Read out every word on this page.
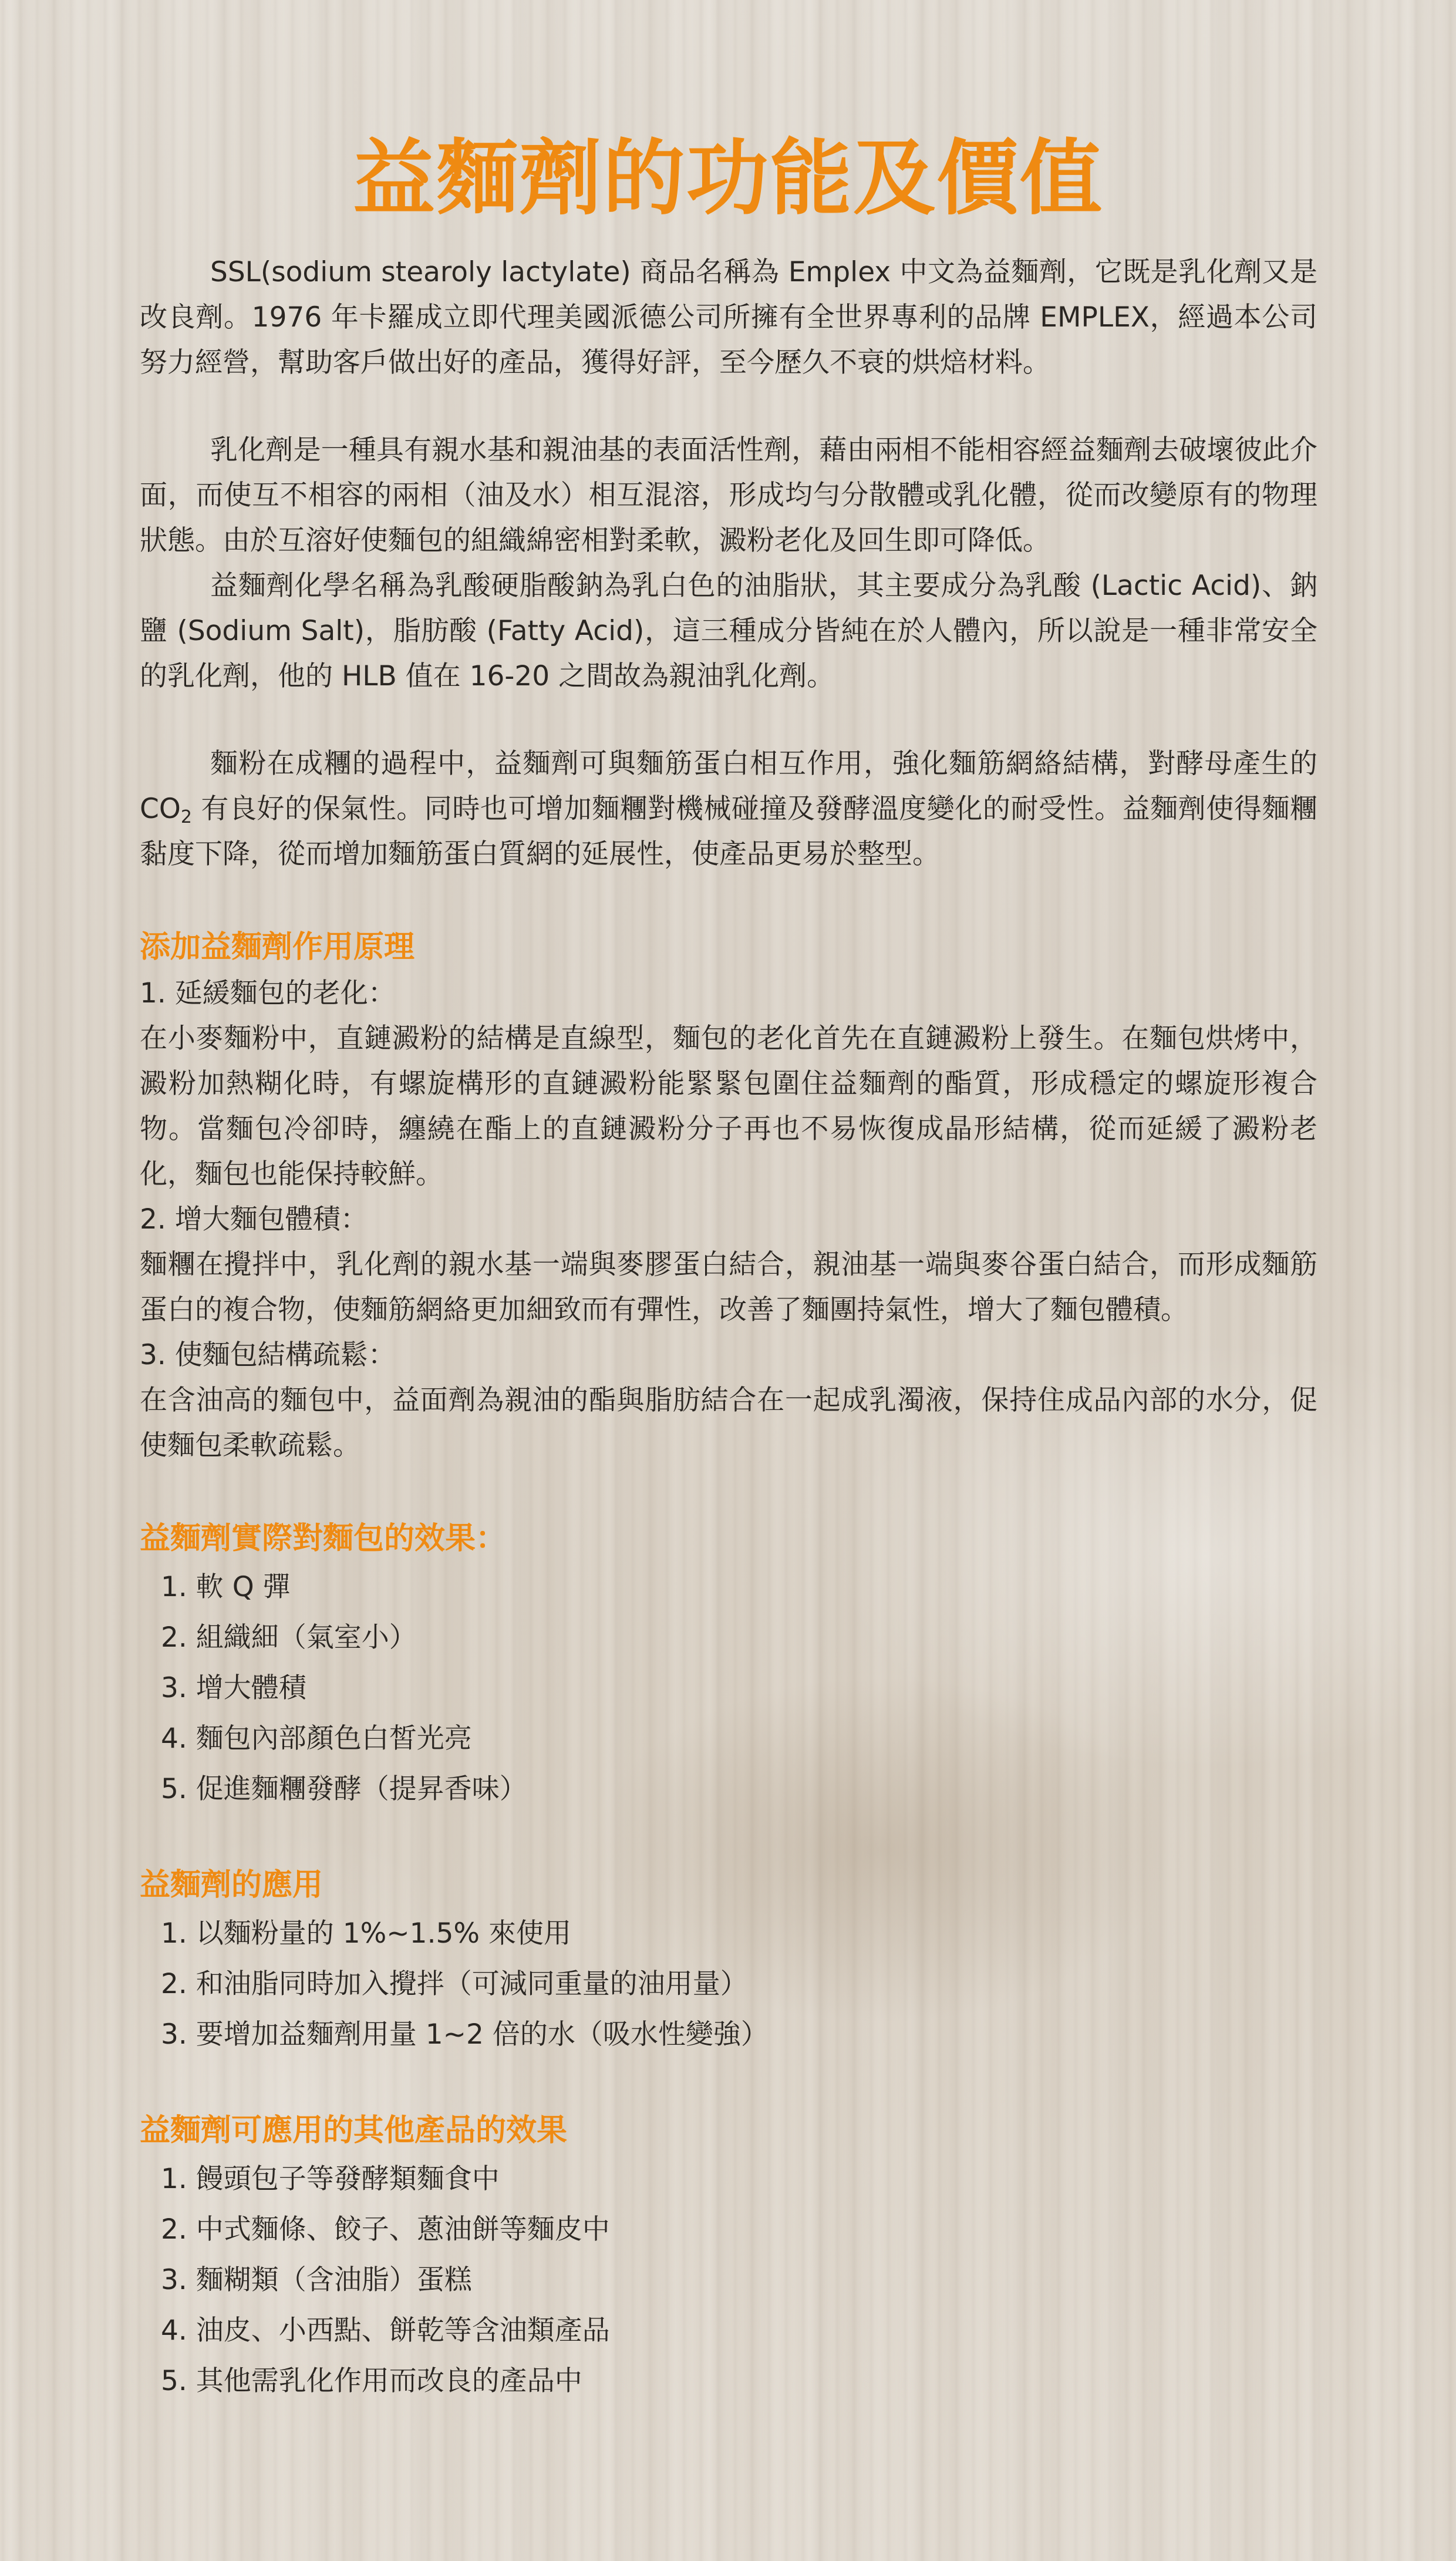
益麵劑的功能及價值

SSL(sodium stearoly lactylate) 商品名稱為 Emplex 中文為益麵劑，它既是乳化劑又是改良劑。1976 年卡羅成立即代理美國派德公司所擁有全世界專利的品牌 EMPLEX，經過本公司努力經營，幫助客戶做出好的產品，獲得好評，至今歷久不衰的烘焙材料。

乳化劑是一種具有親水基和親油基的表面活性劑，藉由兩相不能相容經益麵劑去破壞彼此介面，而使互不相容的兩相（油及水）相互混溶，形成均勻分散體或乳化體，從而改變原有的物理狀態。由於互溶好使麵包的組織綿密相對柔軟，澱粉老化及回生即可降低。

益麵劑化學名稱為乳酸硬脂酸鈉為乳白色的油脂狀，其主要成分為乳酸 (Lactic Acid)、鈉鹽 (Sodium Salt)，脂肪酸 (Fatty Acid)，這三種成分皆純在於人體內，所以說是一種非常安全的乳化劑，他的 HLB 值在 16-20 之間故為親油乳化劑。

麵粉在成糰的過程中，益麵劑可與麵筋蛋白相互作用，強化麵筋網絡結構，對酵母產生的 $CO_2$ 有良好的保氣性。同時也可增加麵糰對機械碰撞及發酵溫度變化的耐受性。益麵劑使得麵糰黏度下降，從而增加麵筋蛋白質網的延展性，使產品更易於整型。

添加益麵劑作用原理

1. 延緩麵包的老化：

在小麥麵粉中，直鏈澱粉的結構是直線型，麵包的老化首先在直鏈澱粉上發生。在麵包烘烤中，澱粉加熱糊化時，有螺旋構形的直鏈澱粉能緊緊包圍住益麵劑的酯質，形成穩定的螺旋形複合物。當麵包冷卻時，纏繞在酯上的直鏈澱粉分子再也不易恢復成晶形結構，從而延緩了澱粉老化，麵包也能保持較鮮。

2. 增大麵包體積：

麵糰在攪拌中，乳化劑的親水基一端與麥膠蛋白結合，親油基一端與麥谷蛋白結合，而形成麵筋蛋白的複合物，使麵筋網絡更加細致而有彈性，改善了麵團持氣性，增大了麵包體積。

3. 使麵包結構疏鬆：

在含油高的麵包中，益面劑為親油的酯與脂肪結合在一起成乳濁液，保持住成品內部的水分，促使麵包柔軟疏鬆。

益麵劑實際對麵包的效果：

1. 軟 Q 彈

2. 組織細（氣室小）

3. 增大體積

4. 麵包內部顏色白皙光亮

5. 促進麵糰發酵（提昇香味）

益麵劑的應用

1. 以麵粉量的 1%~1.5% 來使用

2. 和油脂同時加入攪拌（可減同重量的油用量）

3. 要增加益麵劑用量 1~2 倍的水（吸水性變強）

益麵劑可應用的其他產品的效果

1. 饅頭包子等發酵類麵食中

2. 中式麵條、餃子、蔥油餅等麵皮中

3. 麵糊類（含油脂）蛋糕

4. 油皮、小西點、餅乾等含油類產品

5. 其他需乳化作用而改良的產品中
